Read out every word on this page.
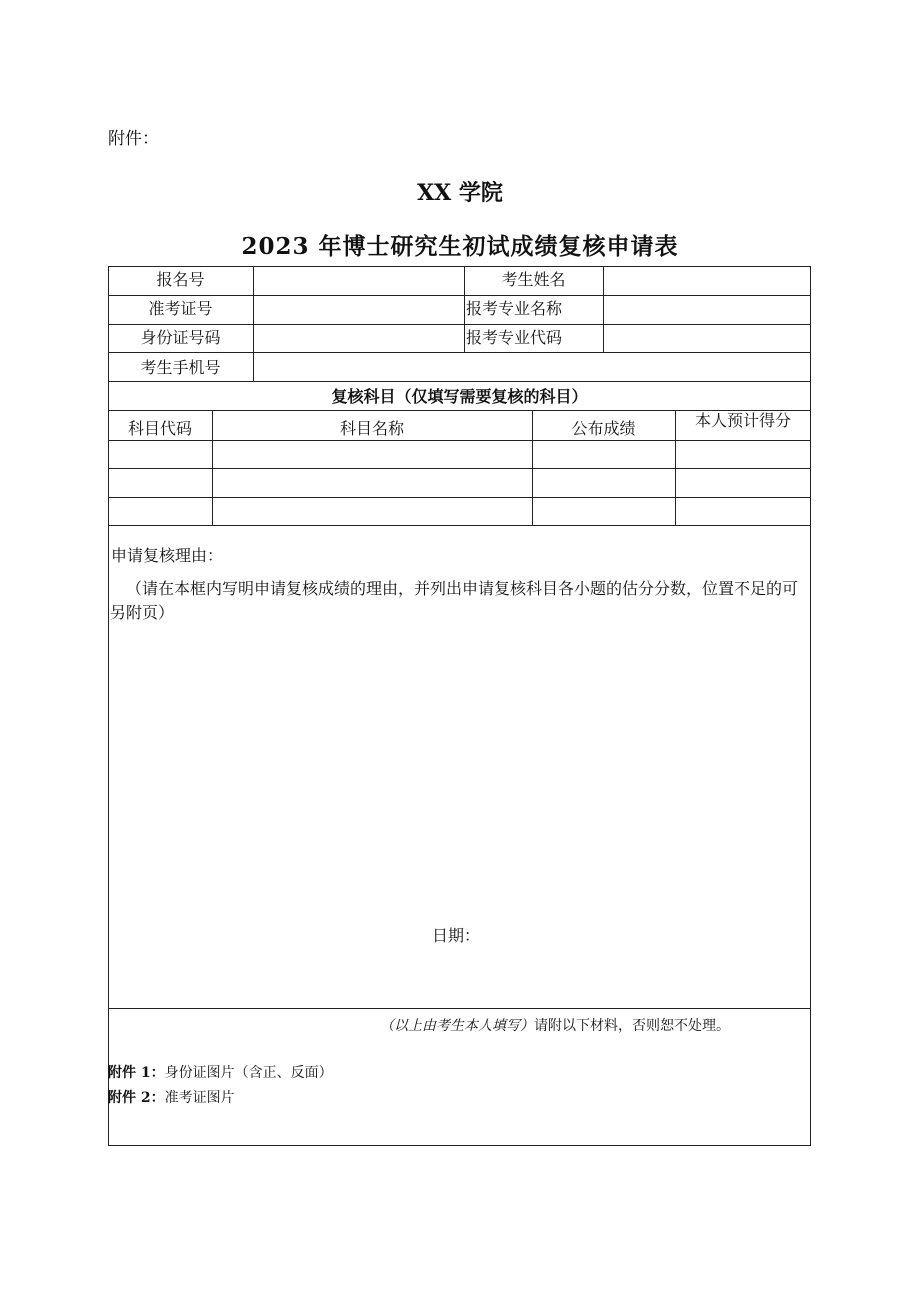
附件：
XX 学院
2023 年博士研究生初试成绩复核申请表
报名号	考生姓名
准考证号	报考专业名称
身份证号码	报考专业代码
考生手机号
复核科目（仅填写需要复核的科目）
科目代码	科目名称	公布成绩	本人预计得分
申请复核理由：
（请在本框内写明申请复核成绩的理由，并列出申请复核科目各小题的估分分数，位置不足的可另附页）
日期：
（以上由考生本人填写）请附以下材料，否则恕不处理。
附件 1：身份证图片（含正、反面）
附件 2：准考证图片
